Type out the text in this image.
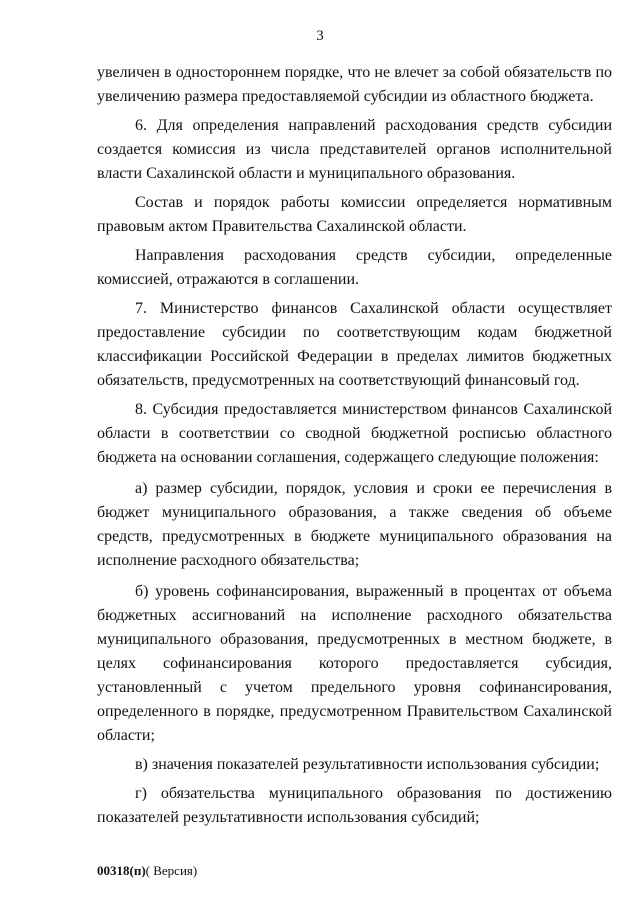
3

увеличен в одностороннем порядке, что не влечет за собой обязательств по увеличению размера предоставляемой субсидии из областного бюджета.

6. Для определения направлений расходования средств субсидии создается комиссия из числа представителей органов исполнительной власти Сахалинской области и муниципального образования.

Состав и порядок работы комиссии определяется нормативным правовым актом Правительства Сахалинской области.

Направления расходования средств субсидии, определенные комиссией, отражаются в соглашении.

7. Министерство финансов Сахалинской области осуществляет предоставление субсидии по соответствующим кодам бюджетной классификации Российской Федерации в пределах лимитов бюджетных обязательств, предусмотренных на соответствующий финансовый год.

8. Субсидия предоставляется министерством финансов Сахалинской области в соответствии со сводной бюджетной росписью областного бюджета на основании соглашения, содержащего следующие положения:

а) размер субсидии, порядок, условия и сроки ее перечисления в бюджет муниципального образования, а также сведения об объеме средств, предусмотренных в бюджете муниципального образования на исполнение расходного обязательства;

б) уровень софинансирования, выраженный в процентах от объема бюджетных ассигнований на исполнение расходного обязательства муниципального образования, предусмотренных в местном бюджете, в целях софинансирования которого предоставляется субсидия, установленный с учетом предельного уровня софинансирования, определенного в порядке, предусмотренном Правительством Сахалинской области;

в) значения показателей результативности использования субсидии;

г) обязательства муниципального образования по достижению показателей результативности использования субсидий;

00318(п)( Версия)
